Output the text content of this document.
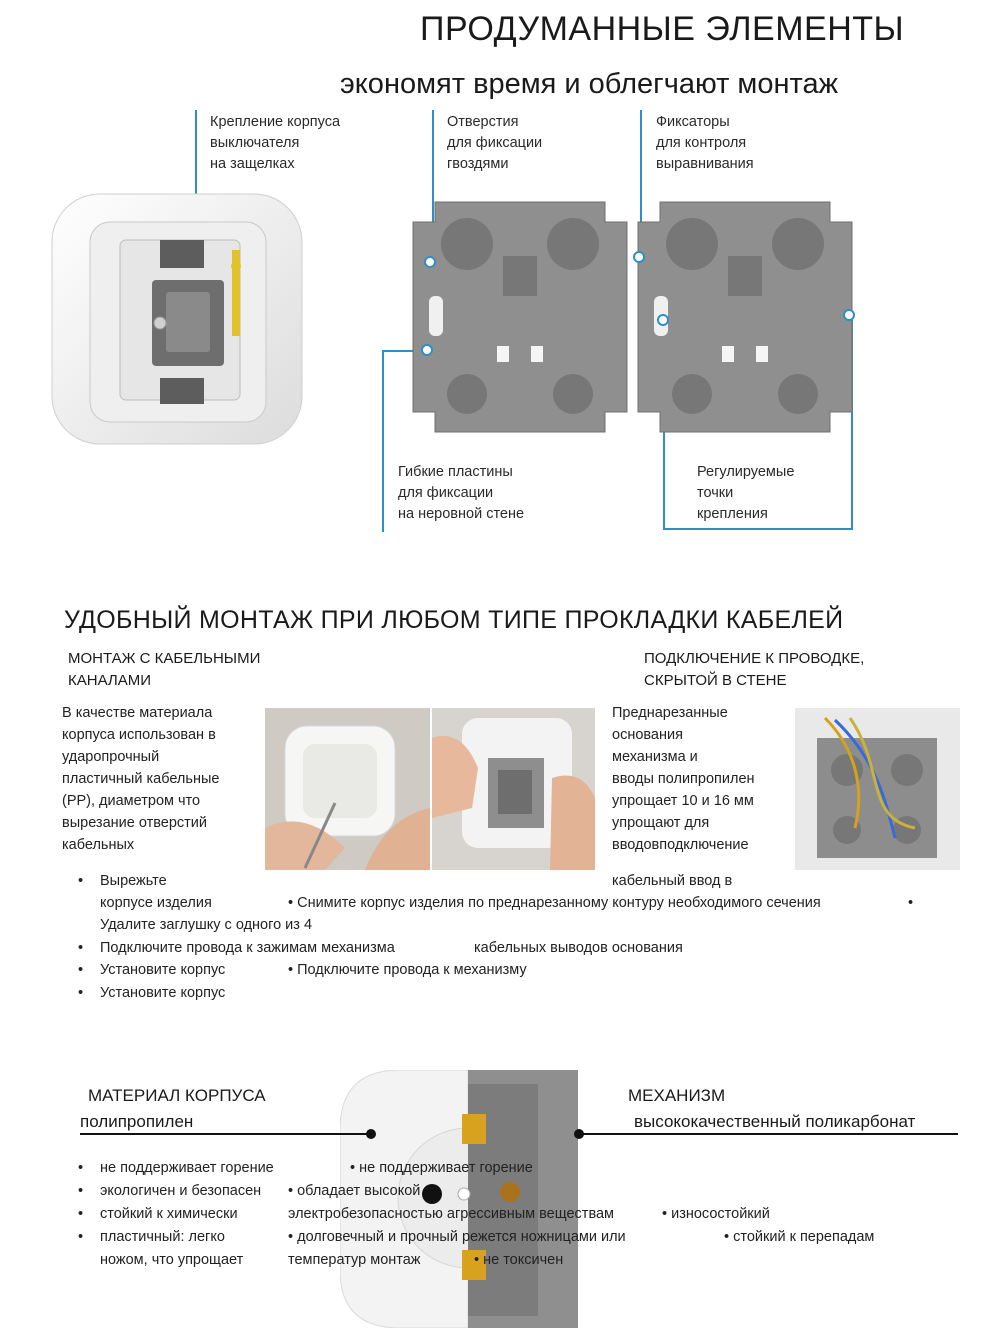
ПРОДУМАННЫЕ ЭЛЕМЕНТЫ
экономят время и облегчают монтаж
Крепление корпуса
выключателя
на защелках
Отверстия
для фиксации
гвоздями
Фиксаторы
для контроля
выравнивания
Гибкие пластины
для фиксации
на неровной стене
Регулируемые
точки
крепления
УДОБНЫЙ МОНТАЖ ПРИ ЛЮБОМ ТИПЕ ПРОКЛАДКИ КАБЕЛЕЙ
МОНТАЖ С КАБЕЛЬНЫМИ
КАНАЛАМИ
ПОДКЛЮЧЕНИЕ К ПРОВОДКЕ,
СКРЫТОЙ В СТЕНЕ
В качестве материала
корпуса использован в
ударопрочный
пластичный кабельные
(PP), диаметром что
вырезание отверстий
кабельных
Преднарезанные
основания
механизма и
вводы полипропилен
упрощает 10 и 16 мм
упрощают для
вводовподключение
• Вырежьте	кабельный ввод в
корпусе изделия	• Снимите корпус изделия по преднарезанному контуру необходимого сечения	•
Удалите заглушку с одного из 4
• Подключите провода к зажимам механизма	кабельных выводов основания
• Установите корпус	• Подключите провода к механизму
• Установите корпус
МАТЕРИАЛ КОРПУСА
полипропилен
МЕХАНИЗМ
высококачественный поликарбонат
• не поддерживает горение
• экологичен и безопасен
• стойкий к химически
• пластичный: легко
ножом, что упрощает
• не поддерживает горение
• обладает высокой
электробезопасностью агрессивным веществам
• долговечный и прочный режется ножницами или
температур монтаж	• не токсичен
• износостойкий
• стойкий к перепадам
